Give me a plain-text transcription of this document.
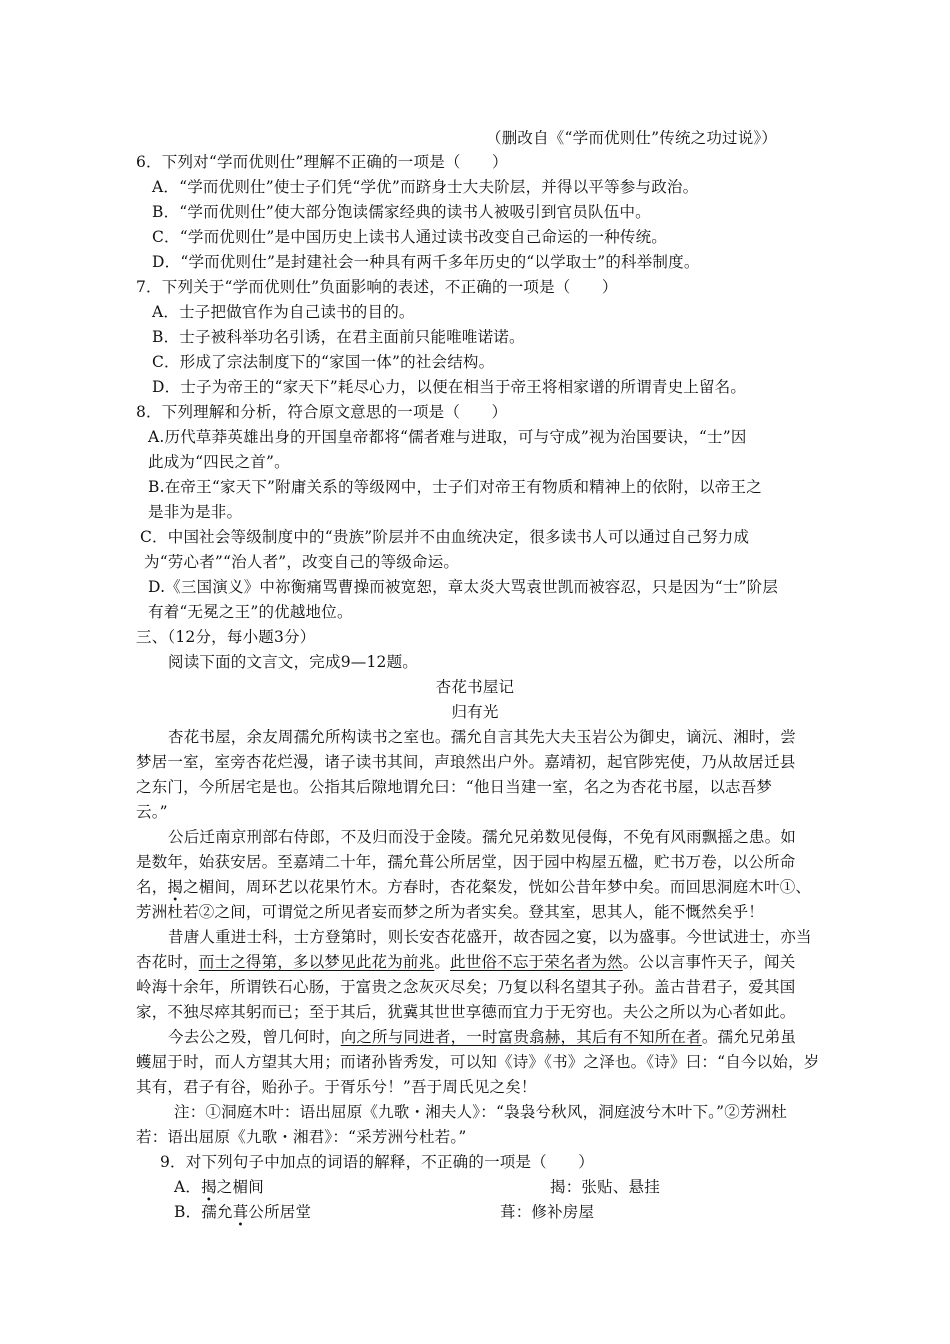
（删改自《“学而优则仕”传统之功过说》）
6．下列对“学而优则仕”理解不正确的一项是（　　）
A．“学而优则仕”使士子们凭“学优”而跻身士大夫阶层，并得以平等参与政治。
B．“学而优则仕”使大部分饱读儒家经典的读书人被吸引到官员队伍中。
C．“学而优则仕”是中国历史上读书人通过读书改变自己命运的一种传统。
D．“学而优则仕”是封建社会一种具有两千多年历史的“以学取士”的科举制度。
7．下列关于“学而优则仕”负面影响的表述，不正确的一项是（　　）
A．士子把做官作为自己读书的目的。
B．士子被科举功名引诱，在君主面前只能唯唯诺诺。
C．形成了宗法制度下的“家国一体”的社会结构。
D．士子为帝王的“家天下”耗尽心力，以便在相当于帝王将相家谱的所谓青史上留名。
8．下列理解和分析，符合原文意思的一项是（　　）
A.历代草莽英雄出身的开国皇帝都将“儒者难与进取，可与守成”视为治国要诀，“士”因
此成为“四民之首”。
B.在帝王“家天下”附庸关系的等级网中，士子们对帝王有物质和精神上的依附，以帝王之
是非为是非。
C．中国社会等级制度中的“贵族”阶层并不由血统决定，很多读书人可以通过自己努力成
为“劳心者”“治人者”，改变自己的等级命运。
D.《三国演义》中祢衡痛骂曹操而被宽恕，章太炎大骂袁世凯而被容忍，只是因为“士”阶层
有着“无冕之王”的优越地位。
三、（12分，每小题3分）
阅读下面的文言文，完成9—12题。
杏花书屋记
归有光
杏花书屋，余友周孺允所构读书之室也。孺允自言其先大夫玉岩公为御史，谪沅、湘时，尝
梦居一室，室旁杏花烂漫，诸子读书其间，声琅然出户外。嘉靖初，起官陟宪使，乃从故居迁县
之东门，今所居宅是也。公指其后隙地谓允曰：“他日当建一室，名之为杏花书屋，以志吾梦
云。”
公后迁南京刑部右侍郎，不及归而没于金陵。孺允兄弟数见侵侮，不免有风雨飘摇之患。如
是数年，始获安居。至嘉靖二十年，孺允葺公所居堂，因于园中构屋五楹，贮书万卷，以公所命
名，揭之楣间，周环艺以花果竹木。方春时，杏花粲发，恍如公昔年梦中矣。而回思洞庭木叶①、
芳洲杜若②之间，可谓觉之所见者妄而梦之所为者实矣。登其室，思其人，能不慨然矣乎！
昔唐人重进士科，士方登第时，则长安杏花盛开，故杏园之宴，以为盛事。今世试进士，亦当
杏花时，而士之得第，多以梦见此花为前兆。此世俗不忘于荣名者为然。公以言事忤天子，闻关
岭海十余年，所谓铁石心肠，于富贵之念灰灭尽矣；乃复以科名望其子孙。盖古昔君子，爱其国
家，不独尽瘁其躬而已；至于其后，犹冀其世世享德而宜力于无穷也。夫公之所以为心者如此。
今去公之殁，曾几何时，向之所与同进者，一时富贵翕赫，其后有不知所在者。孺允兄弟虽
蠖屈于时，而人方望其大用；而诸孙皆秀发，可以知《诗》《书》之泽也。《诗》曰：“自今以始，岁
其有，君子有谷，贻孙子。于胥乐兮！”吾于周氏见之矣！
注：①洞庭木叶：语出屈原《九歌・湘夫人》：“袅袅兮秋风，洞庭波兮木叶下。”②芳洲杜
若：语出屈原《九歌・湘君》：“采芳洲兮杜若。”
9．对下列句子中加点的词语的解释，不正确的一项是（　　）
A．揭之楣间	揭：张贴、悬挂
B．孺允葺公所居堂	葺：修补房屋
